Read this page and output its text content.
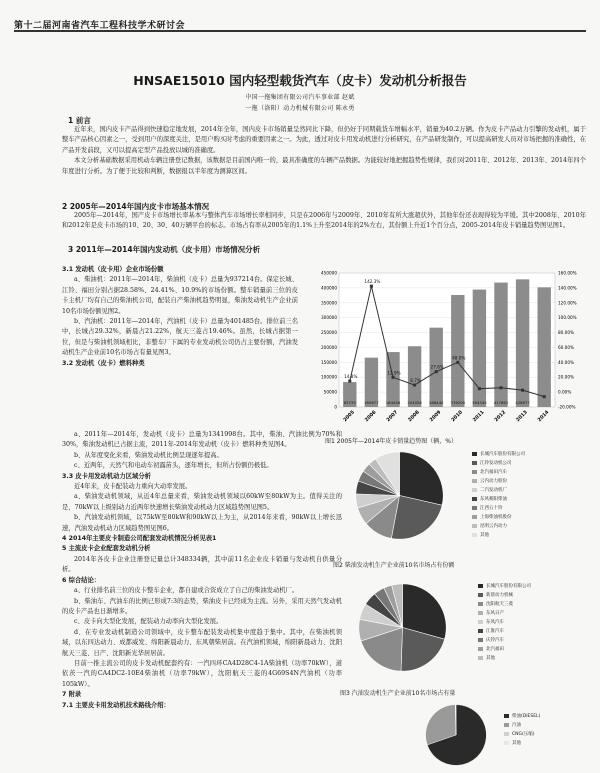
第十二届河南省汽车工程科技学术研讨会
HNSAE15010 国内轻型载货汽车（皮卡）发动机分析报告
中国一拖集团有限公司汽车事业部 赵斌
一拖（洛阳）动力机械有限公司 陈永勇
1 前言
近年来，国内皮卡产品得到快速稳定地发展，2014年全年，国内皮卡市场销量呈然同比下降，但仍好于同期载货车增幅水平，销量为40.2万辆。作为皮卡产品动力引擎的发动机，属于整车产品核心因素之一，受到用户的深度关注，是用户购买时考虑的重要因素之一。为此，透过对皮卡用发动机进行分析研究，在产品研发制作，可以提高研发人员对市场把握的准确性，在产品开发前段，又可以提高定型产品投放以城的准确度。
本文分析基础数据采用机动车辆注册登记数据，该数据是目前国内唯一的，最具准确度的车辆产品数据。为能较好地把握趋势性规律，我们对2011年、2012年、2013年、2014年四个年度进行分析。为了便于比较和判断，数据报以半年度为测算区间。
2 2005年—2014年国内皮卡市场基本情况
2005年—2014年，国产皮卡市场增长率基本与整体汽车市场增长率相同步，只是在2006年与2009年、2010年有所大涨超伏外，其他年份还表现得较为平缓。其中2008年、2010年和2012年是皮卡市场的10、20、30、40万辆平台的标志。市场占有率从2005年的1.1%上升至2014年的2%左右，其份额上升近1个百分点，2005-2014年皮卡销量趋势图见图1。
3 2011年—2014年国内发动机（皮卡用）市场情况分析
3.1 发动机（皮卡用）企业市场份额
a、柴油机：2011年—2014年，柴油机（皮卡）总量为937214台。保定长城、江铃、福田分别占据28.58%、24.41%、10.9%的市场份额。整车销量前三位的皮卡主机厂均有自己的柴油机公司，配装自产柴油机趋势明显，柴油发动机生产企业前10名市场份额见图2。
b、汽油机：2011年—2014年，汽油机（皮卡）总量为401485台。排位前三名中，长城占29.32%，新晨占21.22%，航天三菱占19.46%。虽然，长城占据第一位，但是与柴油机领域相比，非整车厂下属的专业发动机公司仍占主要份额，汽油发动机生产企业前10名市场占有量见图3。
3.2 发动机（皮卡）燃料种类
a、2011年—2014年，发动机（皮卡）总量为1341998台。其中，柴油、汽油比例为70%和30%，柴油发动机已占据主流，2011年-2014年发动机（皮卡）燃料种类见图4。
b、从年度变化来看，柴油发动机比例呈现逐年提高。
c、近两年，天然气和电动车初露苗头，逐年增长，但所占份额仍极低。
3.3 皮卡用发动机动力区域分析
近4年来，皮卡配装动力重向大动率发展。
a、柴油发动机领域，从近4年总量来看，柴油发动机领域以60kW至80kW为主。值得关注的是，70kW以上级别动力近两年快速增长柴油发动机动力区域趋势图见图5。
b、汽油发动机领域，以75kW至80kW和90kW以上为主，从2014年来看，90kW以上增长迅速，汽油发动机动力区域趋势图见图6。
4 2014年主要皮卡制造公司配套发动机情况分析见表1
5 主流皮卡企业配套发动机分析
2014年各皮卡企业注册登记量总计348334辆，其中前11名企业皮卡销量与发动机自供量分析。
6 综合结论：
a、行业排名前三位的皮卡整车企业，都自建或合资成立了自己的柴油发动机厂。
b、柴油车、汽油车的比例已形成7:3的态势，柴油皮卡已经成为主流。另外，采用天然气发动机的皮卡产品也日渐增多。
c、皮卡向大型化发展，配装动力动率向大型化发展。
d、在专业发动机制造公司领域中，皮卡整车配装发动机集中度趋于集中。其中，在柴油机领域，以东四达动力、成都威发、绵阳新晨动力、东风朝柴居前。在汽油机领域，绵阳新晨动力、沈阳航天三菱、日产、沈阳新光华居居前。
目前一推主流公司的皮卡发动机配套约有：一汽四环CA4D28C4-1A柴油机（功率70kW），道依茨一汽的CA4DC2-10E4柴油机（功率79kW），沈阳航天三菱的4G69S4N汽油机（功率105kW）。
7 附录
7.1 主要皮卡用发动机技术路线介绍：
0
50000
100000
150000
200000
250000
300000
350000
400000
450000
-20.00%
0.00%
20.00%
40.00%
60.00%
80.00%
100.00%
120.00%
140.00%
160.00%
83733
2005
165677
2006
184456
2007
204026
2008
266440
2009
376200
2010
394345
2011
417862
2012
428677
2013 2014
14.8%
142.3%
12.9%
6.7%
27.6%
48.0%
图1 2005年—2014年皮卡销量趋势图（辆，%）
长城汽车股份有限公司
江铃发动机公司
北汽福田汽车
云内动力股份
二汽发动机厂
东风朝阳柴油
江西五十铃
上海柴油机股份
昆明云内动力
其他
图2 柴油发动机生产企业前10名市场占有份额
长城汽车股份有限公司
新晨动力机械
沈阳航天三菱
东风日产
东风汽车
江淮汽车
庆铃汽车
北汽福田
其他
图3 汽油发动机生产企业前10名市场占有量
柴油(DIESEL)
汽油
CNG(压缩)
其他
